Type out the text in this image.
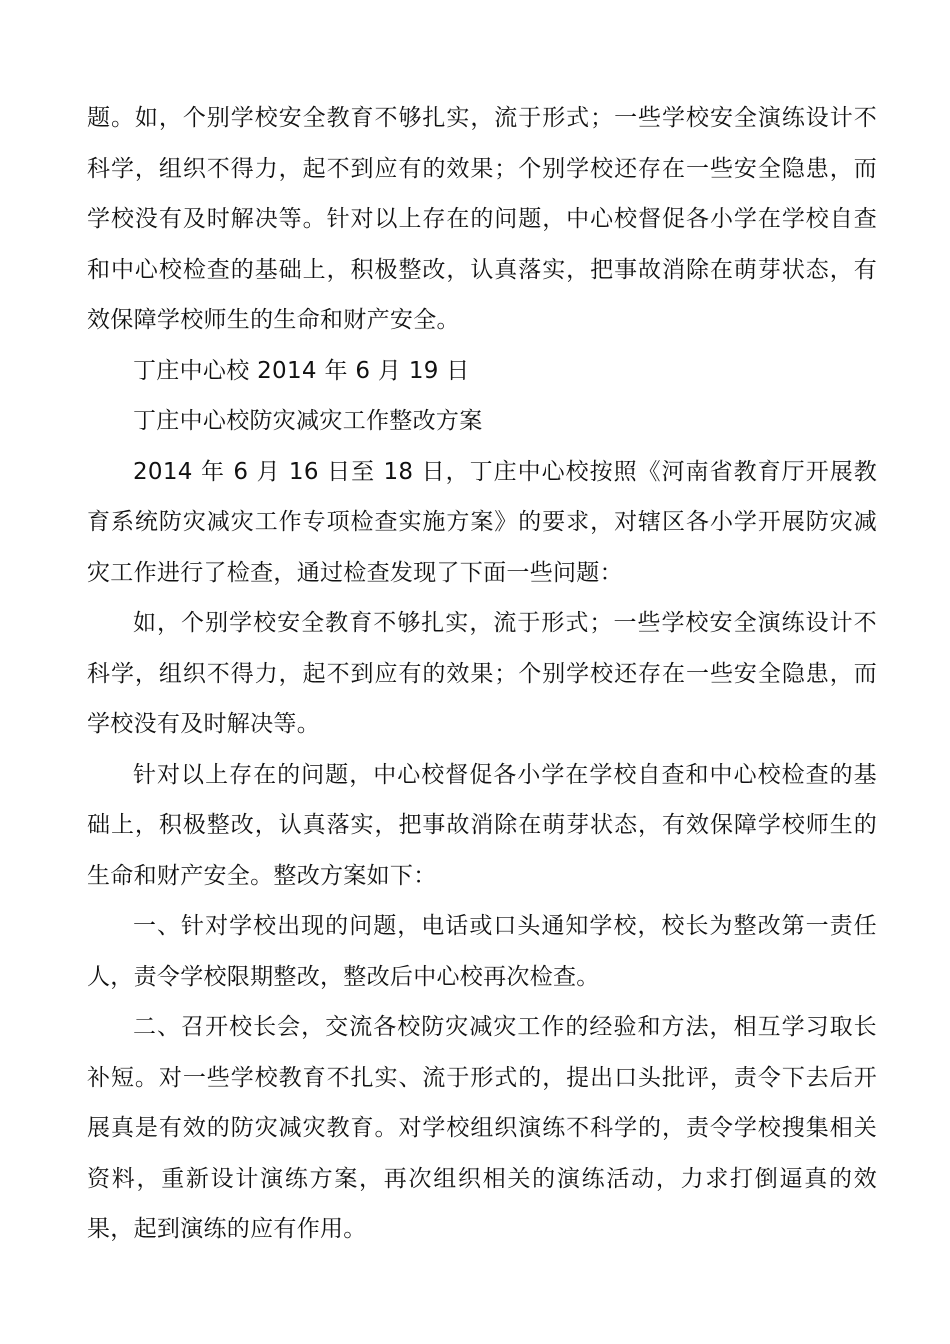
题。如，个别学校安全教育不够扎实，流于形式；一些学校安全演练设计不科学，组织不得力，起不到应有的效果；个别学校还存在一些安全隐患，而学校没有及时解决等。针对以上存在的问题，中心校督促各小学在学校自查和中心校检查的基础上，积极整改，认真落实，把事故消除在萌芽状态，有效保障学校师生的生命和财产安全。

丁庄中心校 2014 年 6 月 19 日

丁庄中心校防灾减灾工作整改方案

2014 年 6 月 16 日至 18 日，丁庄中心校按照《河南省教育厅开展教育系统防灾减灾工作专项检查实施方案》的要求，对辖区各小学开展防灾减灾工作进行了检查，通过检查发现了下面一些问题：

如，个别学校安全教育不够扎实，流于形式；一些学校安全演练设计不科学，组织不得力，起不到应有的效果；个别学校还存在一些安全隐患，而学校没有及时解决等。

针对以上存在的问题，中心校督促各小学在学校自查和中心校检查的基础上，积极整改，认真落实，把事故消除在萌芽状态，有效保障学校师生的生命和财产安全。整改方案如下：

一、针对学校出现的问题，电话或口头通知学校，校长为整改第一责任人，责令学校限期整改，整改后中心校再次检查。

二、召开校长会，交流各校防灾减灾工作的经验和方法，相互学习取长补短。对一些学校教育不扎实、流于形式的，提出口头批评，责令下去后开展真是有效的防灾减灾教育。对学校组织演练不科学的，责令学校搜集相关资料，重新设计演练方案，再次组织相关的演练活动，力求打倒逼真的效果，起到演练的应有作用。
